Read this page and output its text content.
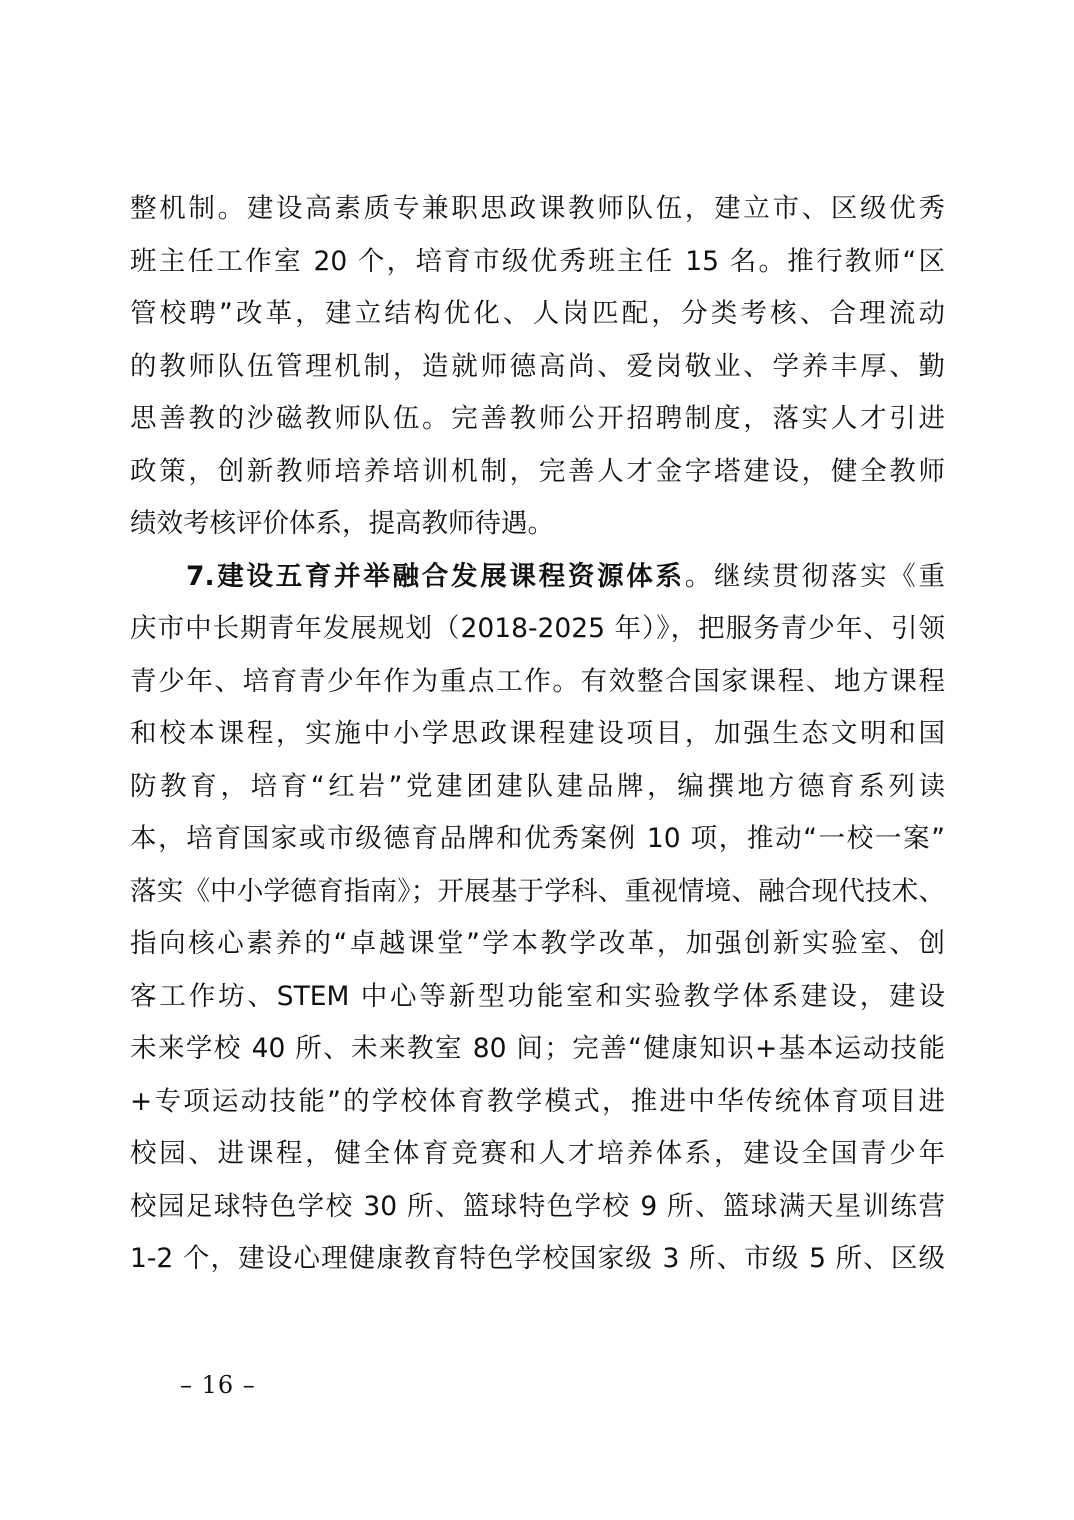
整机制。建设高素质专兼职思政课教师队伍，建立市、区级优秀
班主任工作室 20 个，培育市级优秀班主任 15 名。推行教师“区
管校聘”改革，建立结构优化、人岗匹配，分类考核、合理流动
的教师队伍管理机制，造就师德高尚、爱岗敬业、学养丰厚、勤
思善教的沙磁教师队伍。完善教师公开招聘制度，落实人才引进
政策，创新教师培养培训机制，完善人才金字塔建设，健全教师
绩效考核评价体系，提高教师待遇。
7.建设五育并举融合发展课程资源体系。继续贯彻落实《重
庆市中长期青年发展规划（2018-2025 年）》，把服务青少年、引领
青少年、培育青少年作为重点工作。有效整合国家课程、地方课程
和校本课程，实施中小学思政课程建设项目，加强生态文明和国
防教育，培育“红岩”党建团建队建品牌，编撰地方德育系列读
本，培育国家或市级德育品牌和优秀案例 10 项，推动“一校一案”
落实《中小学德育指南》；开展基于学科、重视情境、融合现代技术、
指向核心素养的“卓越课堂”学本教学改革，加强创新实验室、创
客工作坊、STEM 中心等新型功能室和实验教学体系建设，建设
未来学校 40 所、未来教室 80 间；完善“健康知识+基本运动技能
+专项运动技能”的学校体育教学模式，推进中华传统体育项目进
校园、进课程，健全体育竞赛和人才培养体系，建设全国青少年
校园足球特色学校 30 所、篮球特色学校 9 所、篮球满天星训练营
1-2 个，建设心理健康教育特色学校国家级 3 所、市级 5 所、区级
– 16 –
